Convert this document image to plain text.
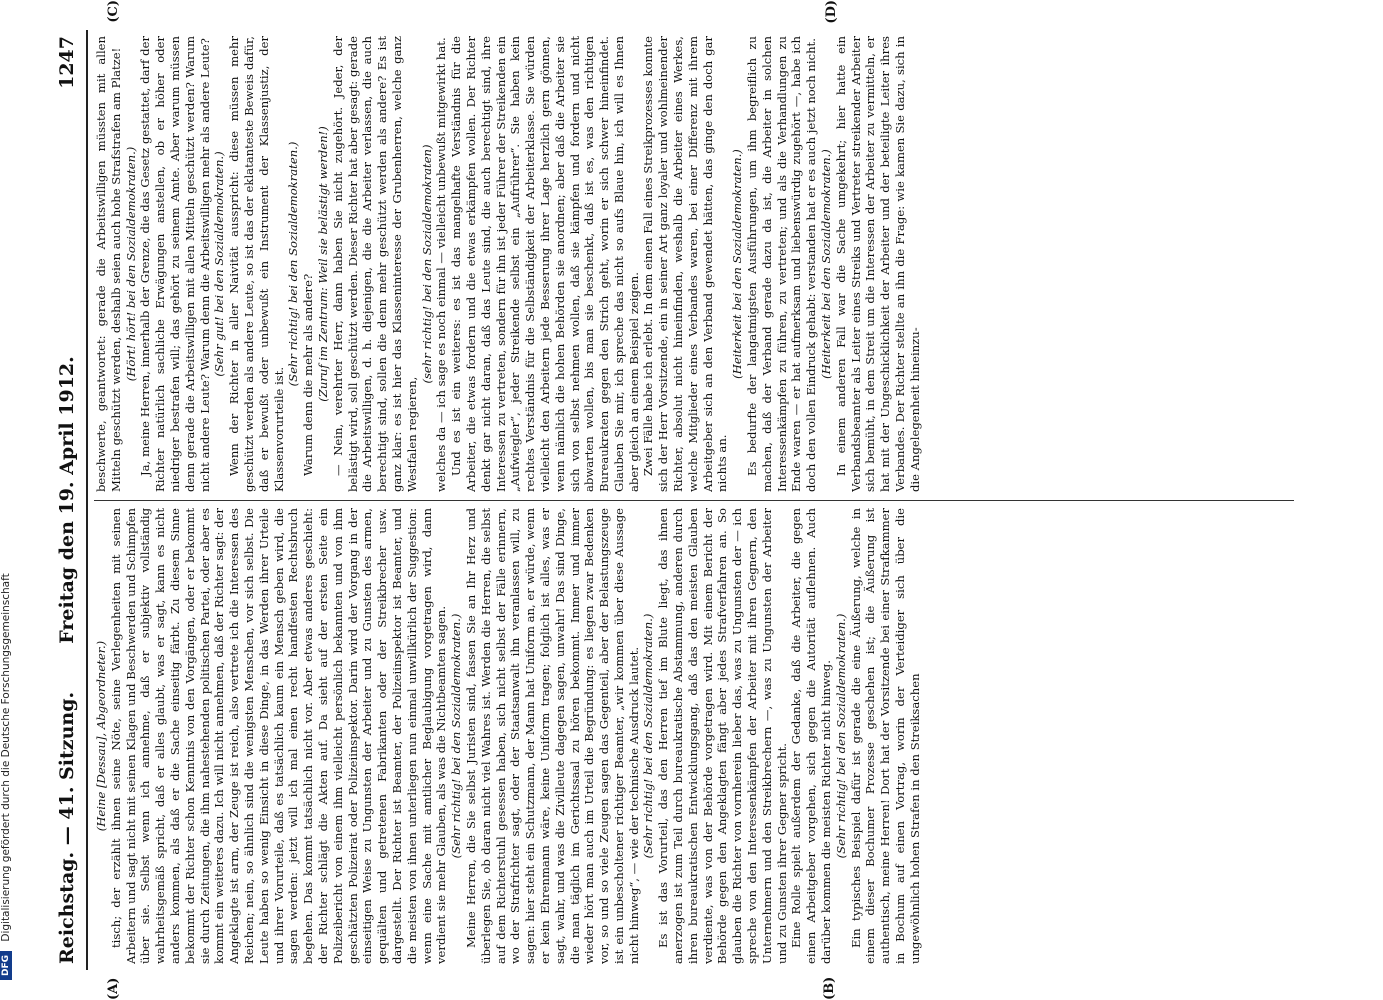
Reichstag. — 41. Sitzung.
Freitag den 19. April 1912.
1247
(A)	(B)
(C)	(D)

(Heine [Dessau], Abgeordneter.) tisch; der erzählt ihnen seine Nöte, seine Verlegenheiten mit seinen Arbeitern und sagt nicht mit seinen Klagen und Beschwerden und Schimpfen über sie. Selbst wenn ich annehme, daß er subjektiv vollständig wahrheitsgemäß spricht, daß er alles glaubt, was er sagt, kann es nicht anders kommen, als daß er die Sache einseitig färbt. Zu diesem Sinne bekommt der Richter schon Kenntnis von den Vorgängen, oder er bekommt sie durch Zeitungen, die ihm nahestehenden politischen Partei, oder aber es kommt ein weiteres dazu. Ich will nicht annehmen, daß der Richter sagt: der Angeklagte ist arm, der Zeuge ist reich, also vertrete ich die Interessen des Reichen; nein, so ähnlich sind die wenigsten Menschen, vor sich selbst. Die Leute haben so wenig Einsicht in diese Dinge, in das Werden ihrer Urteile und ihrer Vorurteile, daß es tatsächlich kaum ein Mensch geben wird, die sagen werden: jetzt will ich mal einen recht handfesten Rechtsbruch begehen. Das kommt tatsächlich nicht vor. Aber etwas anderes geschieht: der Richter schlägt die Akten auf. Da sieht auf der ersten Seite ein Polizeibericht von einem ihm vielleicht persönlich bekannten und von ihm geschätzten Polizeirat oder Polizeiinspektor. Darin wird der Vorgang in der einseitigen Weise zu Ungunsten der Arbeiter und zu Gunsten des armen, gequälten und getretenen Fabrikanten oder der Streikbrecher usw. dargestellt. Der Richter ist Beamter, der Polizeiinspektor ist Beamter, und die meisten von ihnen unterliegen nun einmal unwillkürlich der Suggestion: wenn eine Sache mit amtlicher Beglaubigung vorgetragen wird, dann verdient sie mehr Glauben, als was die Nichtbeamten sagen. (Sehr richtig! bei den Sozialdemokraten.) Meine Herren, die Sie selbst Juristen sind, fassen Sie an Ihr Herz und überlegen Sie, ob daran nicht viel Wahres ist. Werden die Herren, die selbst auf dem Richterstuhl gesessen haben, sich nicht selbst der Fälle erinnern, wo der Strafrichter sagt, oder der Staatsanwalt ihn veranlassen will, zu sagen: hier steht ein Schutzmann, der Mann hat Uniform an, er würde, wenn er kein Ehrenmann wäre, keine Uniform tragen; folglich ist alles, was er sagt, wahr, und was die Zivilleute dagegen sagen, unwahr! Das sind Dinge, die man täglich im Gerichtssaal zu hören bekommt. Immer und immer wieder hört man auch im Urteil die Begründung: es liegen zwar Bedenken vor, so und so viele Zeugen sagen das Gegenteil, aber der Belastungszeuge ist ein unbescholtener richtiger Beamter, „wir kommen über diese Aussage nicht hinweg“, — wie der technische Ausdruck lautet. (Sehr richtig! bei den Sozialdemokraten.) Es ist das Vorurteil, das den Herren tief im Blute liegt, das ihnen anerzogen ist zum Teil durch bureaukratische Abstammung, anderen durch ihren bureaukratischen Entwicklungsgang, daß das den meisten Glauben verdiente, was von der Behörde vorgetragen wird. Mit einem Bericht der Behörde gegen den Angeklagten fängt aber jedes Strafverfahren an. So glauben die Richter von vornherein lieber das, was zu Ungunsten der — ich spreche von den Interessenkämpfen der Arbeiter mit ihren Gegnern, den Unternehmern und den Streikbrechern —, was zu Ungunsten der Arbeiter und zu Gunsten ihrer Gegner spricht. Eine Rolle spielt außerdem der Gedanke, daß die Arbeiter, die gegen einen Arbeitgeber vorgehen, sich gegen die Autorität auflehnen. Auch darüber kommen die meisten Richter nicht hinweg. (Sehr richtig! bei den Sozialdemokraten.) Ein typisches Beispiel dafür ist gerade die eine Äußerung, welche in einem dieser Bochumer Prozesse geschehen ist; die Äußerung ist authentisch, meine Herren! Dort hat der Vorsitzende bei einer Strafkammer in Bochum auf einen Vortrag, worin der Verteidiger sich über die ungewöhnlich hohen Strafen in den Streiksachen

beschwerte, geantwortet: gerade die Arbeitswilligen müssten mit allen Mitteln geschützt werden, deshalb seien auch hohe Strafstrafen am Platze! (Hört! hört! bei den Sozialdemokraten.) Ja, meine Herren, innerhalb der Grenze, die das Gesetz gestattet, darf der Richter natürlich sachliche Erwägungen anstellen, ob er höher oder niedriger bestrafen will; das gehört zu seinem Amte. Aber warum müssen denn gerade die Arbeitswilligen mit allen Mitteln geschützt werden? Warum nicht andere Leute? Warum denn die Arbeitswilligen mehr als andere Leute? (Sehr gut! bei den Sozialdemokraten.) Wenn der Richter in aller Naivität ausspricht: diese müssen mehr geschützt werden als andere Leute, so ist das der eklatanteste Beweis dafür, daß er bewußt oder unbewußt ein Instrument der Klassenjustiz, der Klassenvorurteile ist.

(Sehr richtig! bei den Sozialdemokraten.) Warum denn die mehr als andere? (Zuruf im Zentrum: Weil sie belästigt werden!) — Nein, verehrter Herr, dann haben Sie nicht zugehört. Jeder, der belästigt wird, soll geschützt werden. Dieser Richter hat aber gesagt: gerade die Arbeitswilligen, d. h. diejenigen, die die Arbeiter verlassen, die auch berechtigt sind, sollen die denn mehr geschützt werden als andere? Es ist ganz klar: es ist hier das Klasseninteresse der Grubenherren, welche ganz Westfalen regieren,

(sehr richtig! bei den Sozialdemokraten) welches da — ich sage es noch einmal — vielleicht unbewußt mitgewirkt hat. Und es ist ein weiteres: es ist das mangelhafte Verständnis für die Arbeiter, die etwas fordern und die etwas erkämpfen wollen. Der Richter denkt gar nicht daran, daß das Leute sind, die auch berechtigt sind, ihre Interessen zu vertreten, sondern für ihn ist jeder Führer der Streikenden ein „Aufwiegler“, jeder Streikende selbst ein „Aufrührer“. Sie haben kein rechtes Verständnis für die Selbständigkeit der Arbeiterklasse. Sie würden vielleicht den Arbeitern jede Besserung ihrer Lage herzlich gern gönnen, wenn nämlich die hohen Behörden sie anordnen; aber daß die Arbeiter sie sich von selbst nehmen wollen, daß sie kämpfen und fordern und nicht abwarten wollen, bis man sie beschenkt, daß ist es, was den richtigen Bureaukraten gegen den Strich geht, worin er sich schwer hineinfindet. Glauben Sie mir, ich spreche das nicht so aufs Blaue hin, ich will es Ihnen aber gleich an einem Beispiel zeigen. Zwei Fälle habe ich erlebt. In dem einen Fall eines Streikprozesses konnte sich der Herr Vorsitzende, ein in seiner Art ganz loyaler und wohlmeinender Richter, absolut nicht hineinfinden, weshalb die Arbeiter eines Werkes, welche Mitglieder eines Verbandes waren, bei einer Differenz mit ihrem Arbeitgeber sich an den Verband gewendet hätten, das ginge den doch gar nichts an.

(Heiterkeit bei den Sozialdemokraten.) Es bedurfte der langatmigsten Ausführungen, um ihm begreiflich zu machen, daß der Verband gerade dazu da ist, die Arbeiter in solchen Interessenkämpfen zu führen, zu vertreten; und als die Verhandlungen zu Ende waren — er hat aufmerksam und liebenswürdig zugehört —, habe ich doch den vollen Eindruck gehabt: verstanden hat er es auch jetzt noch nicht. (Heiterkeit bei den Sozialdemokraten.) In einem anderen Fall war die Sache umgekehrt; hier hatte ein Verbandsbeamter als Leiter eines Streiks und Vertreter streikender Arbeiter sich bemüht, in dem Streit um die Interessen der Arbeiter zu vermitteln, er hat mit der Ungeschicklichkeit der Arbeiter und der beteiligte Leiter ihres Verbandes. Der Richter stellte an ihn die Frage: wie kamen Sie dazu, sich in die Angelegenheit hineinzu-

DFG Digitalisierung gefördert durch die Deutsche Forschungsgemeinschaft
